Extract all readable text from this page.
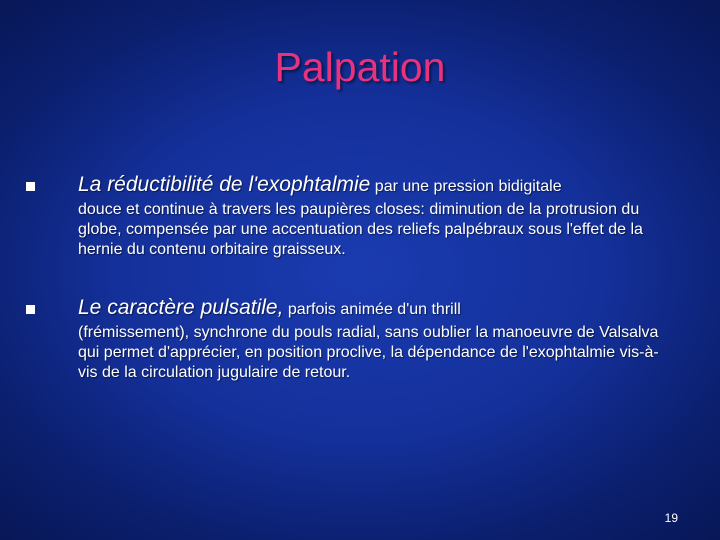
Palpation
La réductibilité de l'exophtalmie par une pression bidigitale
douce et continue à travers les paupières closes: diminution de la protrusion du globe, compensée par une accentuation des reliefs palpébraux sous l'effet de la hernie du contenu orbitaire graisseux.
Le caractère pulsatile, parfois animée d'un thrill
(frémissement), synchrone du pouls radial, sans oublier la manoeuvre de Valsalva qui permet d'apprécier, en position proclive, la dépendance de l'exophtalmie vis-à-vis de la circulation jugulaire de retour.
19
